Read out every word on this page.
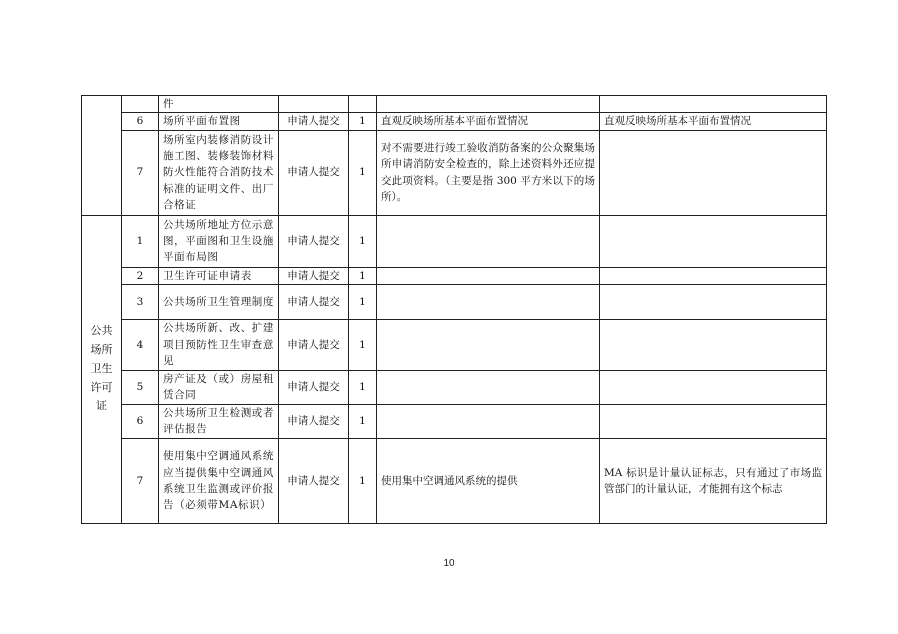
		件				
	6	场所平面布置图	申请人提交	1	直观反映场所基本平面布置情况	直观反映场所基本平面布置情况
	7	场所室内装修消防设计施工图、装修装饰材料防火性能符合消防技术标准的证明文件、出厂合格证	申请人提交	1	对不需要进行竣工验收消防备案的公众聚集场所申请消防安全检查的，除上述资料外还应提交此项资料。（主要是指 300 平方米以下的场所）。	
公共场所卫生许可证	1	公共场所地址方位示意图，平面图和卫生设施平面布局图	申请人提交	1		
	2	卫生许可证申请表	申请人提交	1		
	3	公共场所卫生管理制度	申请人提交	1		
	4	公共场所新、改、扩建项目预防性卫生审查意见	申请人提交	1		
	5	房产证及（或）房屋租赁合同	申请人提交	1		
	6	公共场所卫生检测或者评估报告	申请人提交	1		
	7	使用集中空调通风系统应当提供集中空调通风系统卫生监测或评价报告（必须带MA标识）	申请人提交	1	使用集中空调通风系统的提供	MA 标识是计量认证标志，只有通过了市场监管部门的计量认证，才能拥有这个标志
10
